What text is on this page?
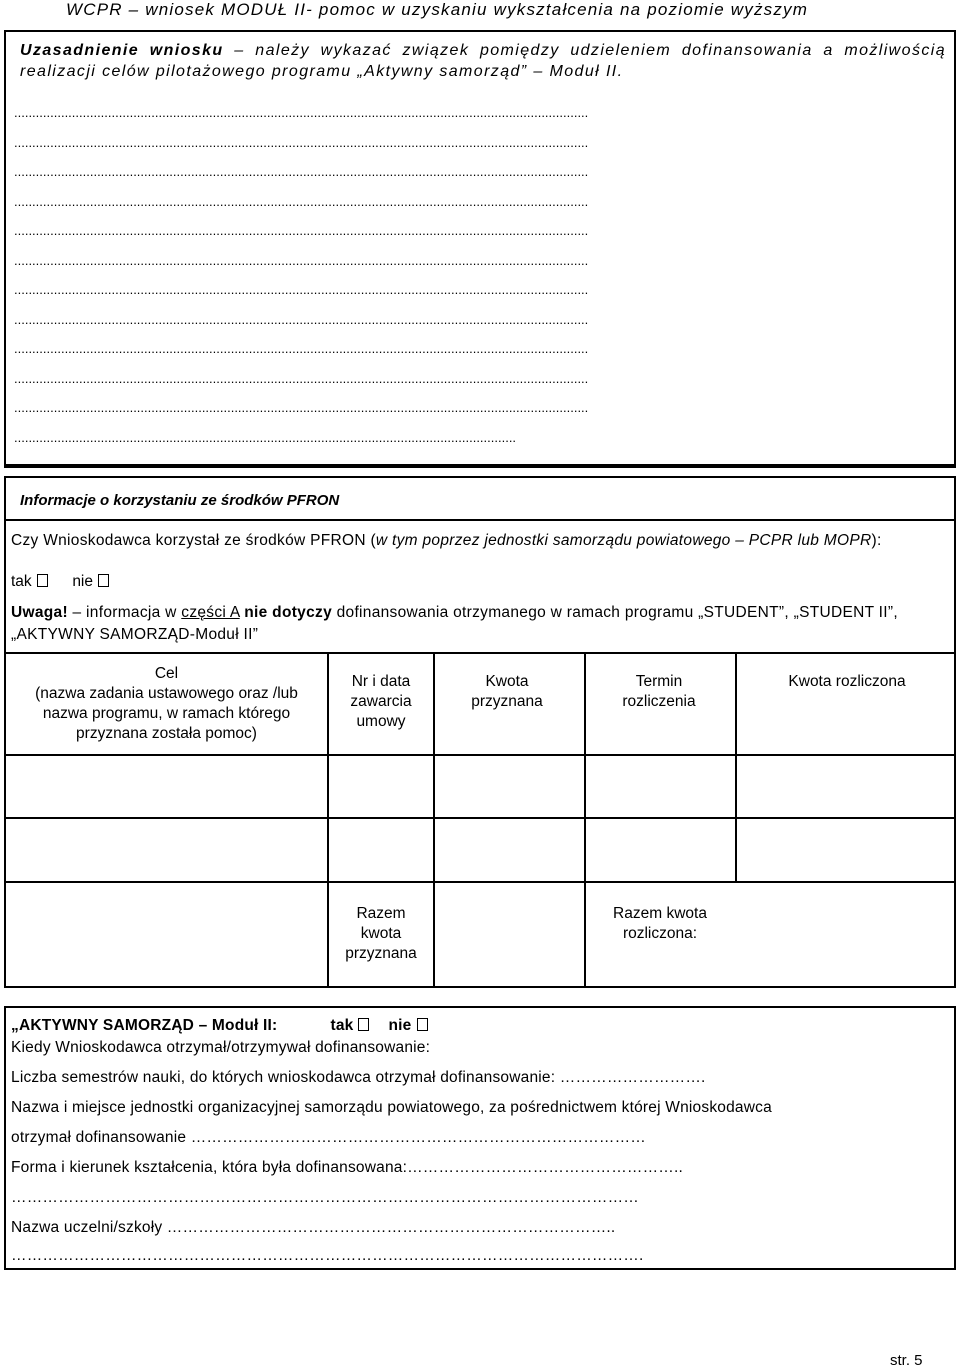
WCPR – wniosek MODUŁ II- pomoc w uzyskaniu wykształcenia na poziomie wyższym
Uzasadnienie wniosku – należy wykazać związek pomiędzy udzieleniem dofinansowania a możliwością realizacji celów pilotażowego programu „Aktywny samorząd” – Moduł II.
...............................................................................................................................................................
...............................................................................................................................................................
...............................................................................................................................................................
...............................................................................................................................................................
...............................................................................................................................................................
...............................................................................................................................................................
...............................................................................................................................................................
...............................................................................................................................................................
...............................................................................................................................................................
...............................................................................................................................................................
...............................................................................................................................................................
...........................................................................................................................................
Informacje o korzystaniu ze środków PFRON
Czy Wnioskodawca korzystał ze środków PFRON (w tym poprzez jednostki samorządu powiatowego – PCPR lub MOPR):
tak	nie
Uwaga! – informacja w części A nie dotyczy dofinansowania otrzymanego w ramach programu „STUDENT”, „STUDENT II”, „AKTYWNY SAMORZĄD-Moduł II”
Cel
(nazwa zadania ustawowego oraz /lub nazwa programu, w ramach którego przyznana została pomoc)
Nr i data zawarcia umowy
Kwota przyznana
Termin rozliczenia
Kwota rozliczona
Razem kwota przyznana
Razem kwota rozliczona:
„AKTYWNY SAMORZĄD – Moduł II:	tak nie
Kiedy Wnioskodawca otrzymał/otrzymywał dofinansowanie:
Liczba semestrów nauki, do których wnioskodawca otrzymał dofinansowanie: ……………………….
Nazwa i miejsce jednostki organizacyjnej samorządu powiatowego, za pośrednictwem której Wnioskodawca
otrzymał dofinansowanie ……………………………………………………………………………
Forma i kierunek kształcenia, która była dofinansowana:……………………………………………..
…………………………………………………………………………………………………………
Nazwa uczelni/szkoły …………………………………………………………………………..
………………………………………………………………………………………………………….
str. 5
